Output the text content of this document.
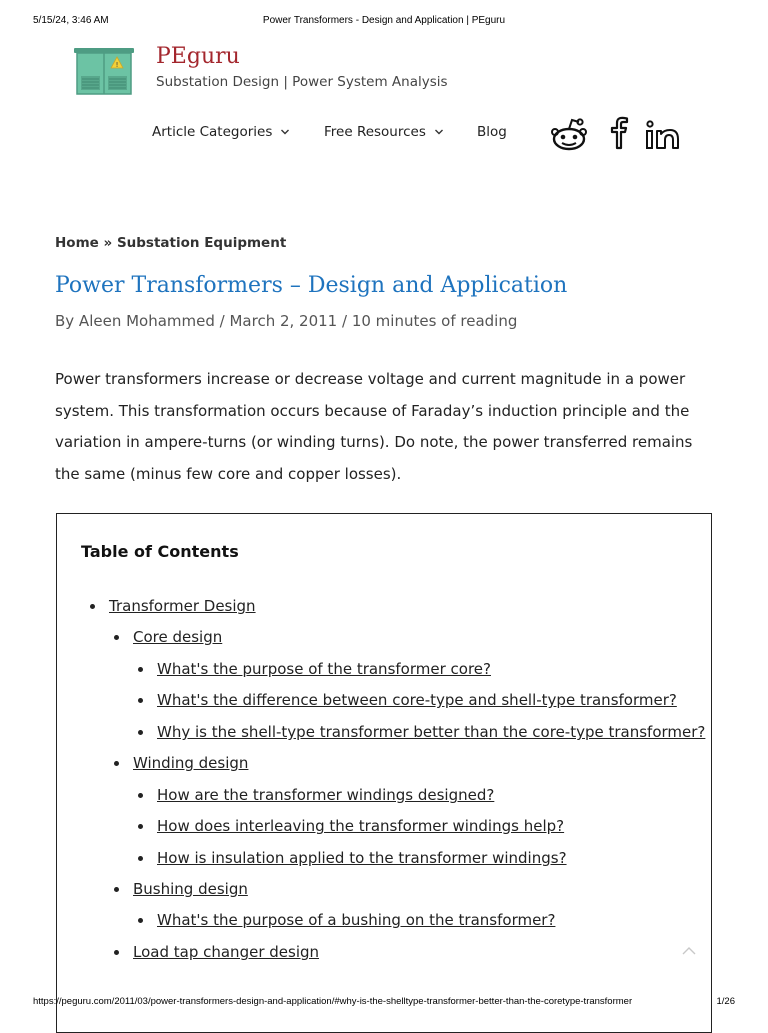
5/15/24, 3:46 AM	Power Transformers - Design and Application | PEguru
! PEguru
Substation Design | Power System Analysis
Article Categories	Free Resources	Blog
Home » Substation Equipment
Power Transformers – Design and Application
By Aleen Mohammed / March 2, 2011 / 10 minutes of reading

Power transformers increase or decrease voltage and current magnitude in a power system. This transformation occurs because of Faraday’s induction principle and the variation in ampere-turns (or winding turns). Do note, the power transferred remains the same (minus few core and copper losses).

Table of Contents
Transformer Design
Core design
What's the purpose of the transformer core?
What's the difference between core-type and shell-type transformer?
Why is the shell-type transformer better than the core-type transformer?
Winding design
How are the transformer windings designed?
How does interleaving the transformer windings help?
How is insulation applied to the transformer windings?
Bushing design
What's the purpose of a bushing on the transformer?
Load tap changer design
https://peguru.com/2011/03/power-transformers-design-and-application/#why-is-the-shelltype-transformer-better-than-the-coretype-transformer	1/26
